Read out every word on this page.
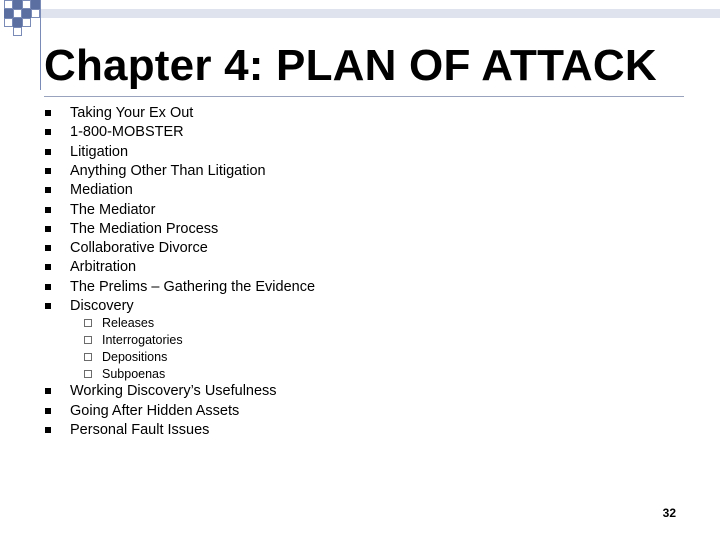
Chapter 4: PLAN OF ATTACK
Taking Your Ex Out
1-800-MOBSTER
Litigation
Anything Other Than Litigation
Mediation
The Mediator
The Mediation Process
Collaborative Divorce
Arbitration
The Prelims – Gathering the Evidence
Discovery
Releases
Interrogatories
Depositions
Subpoenas
Working Discovery’s Usefulness
Going After Hidden Assets
Personal Fault Issues
32
